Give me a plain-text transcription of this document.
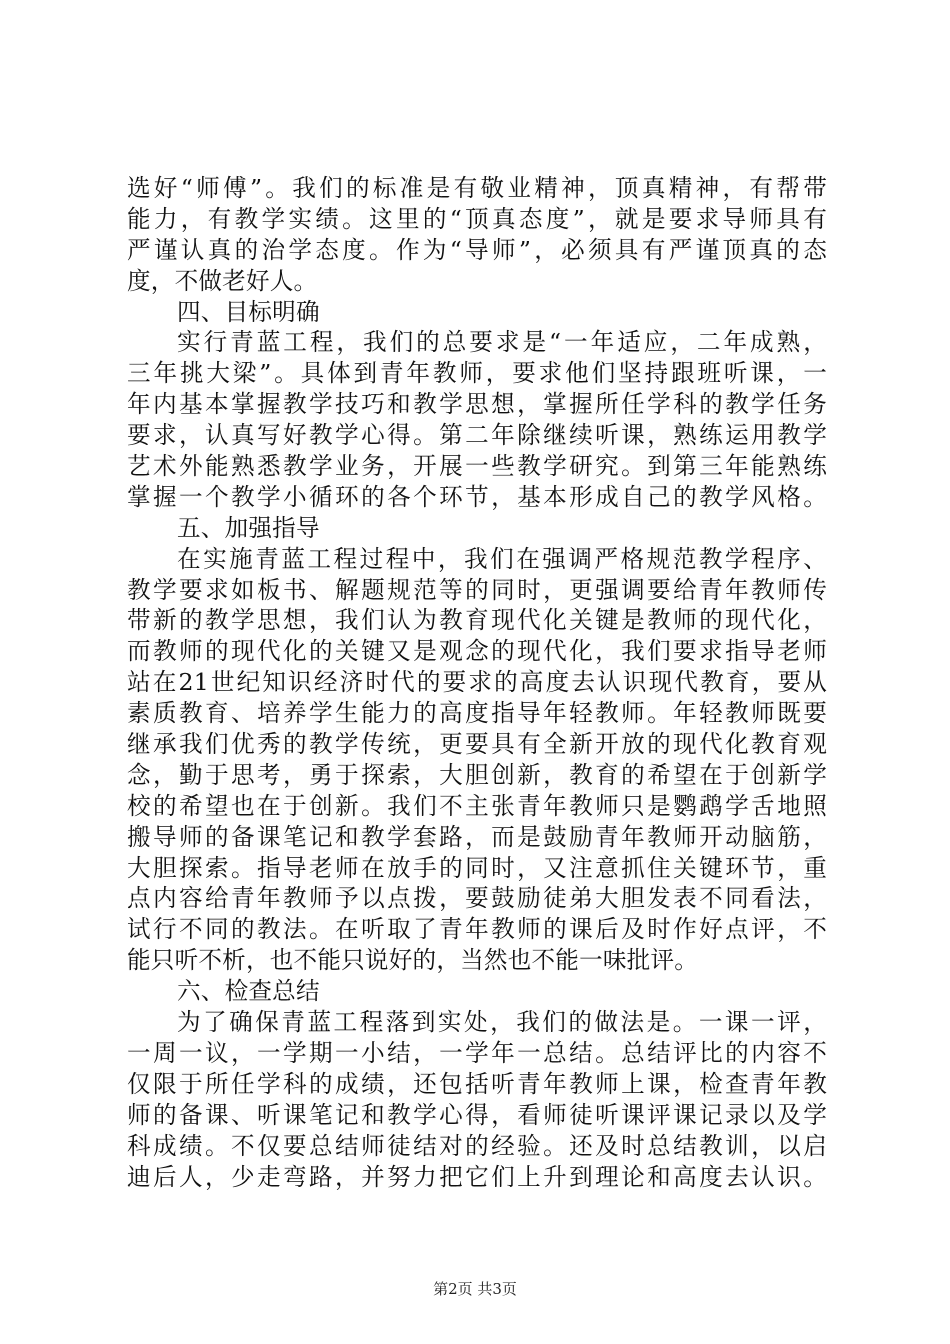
选好“师傅”。我们的标准是有敬业精神，顶真精神，有帮带
能力，有教学实绩。这里的“顶真态度”，就是要求导师具有
严谨认真的治学态度。作为“导师”，必须具有严谨顶真的态
度，不做老好人。
四、目标明确
实行青蓝工程，我们的总要求是“一年适应，二年成熟，
三年挑大梁”。具体到青年教师，要求他们坚持跟班听课，一
年内基本掌握教学技巧和教学思想，掌握所任学科的教学任务
要求，认真写好教学心得。第二年除继续听课，熟练运用教学
艺术外能熟悉教学业务，开展一些教学研究。到第三年能熟练
掌握一个教学小循环的各个环节，基本形成自己的教学风格。
五、加强指导
在实施青蓝工程过程中，我们在强调严格规范教学程序、
教学要求如板书、解题规范等的同时，更强调要给青年教师传
带新的教学思想，我们认为教育现代化关键是教师的现代化，
而教师的现代化的关键又是观念的现代化，我们要求指导老师
站在21世纪知识经济时代的要求的高度去认识现代教育，要从
素质教育、培养学生能力的高度指导年轻教师。年轻教师既要
继承我们优秀的教学传统，更要具有全新开放的现代化教育观
念，勤于思考，勇于探索，大胆创新，教育的希望在于创新学
校的希望也在于创新。我们不主张青年教师只是鹦鹉学舌地照
搬导师的备课笔记和教学套路，而是鼓励青年教师开动脑筋，
大胆探索。指导老师在放手的同时，又注意抓住关键环节，重
点内容给青年教师予以点拨，要鼓励徒弟大胆发表不同看法，
试行不同的教法。在听取了青年教师的课后及时作好点评，不
能只听不析，也不能只说好的，当然也不能一味批评。
六、检查总结
为了确保青蓝工程落到实处，我们的做法是。一课一评，
一周一议，一学期一小结，一学年一总结。总结评比的内容不
仅限于所任学科的成绩，还包括听青年教师上课，检查青年教
师的备课、听课笔记和教学心得，看师徒听课评课记录以及学
科成绩。不仅要总结师徒结对的经验。还及时总结教训，以启
迪后人，少走弯路，并努力把它们上升到理论和高度去认识。
第2页 共3页
